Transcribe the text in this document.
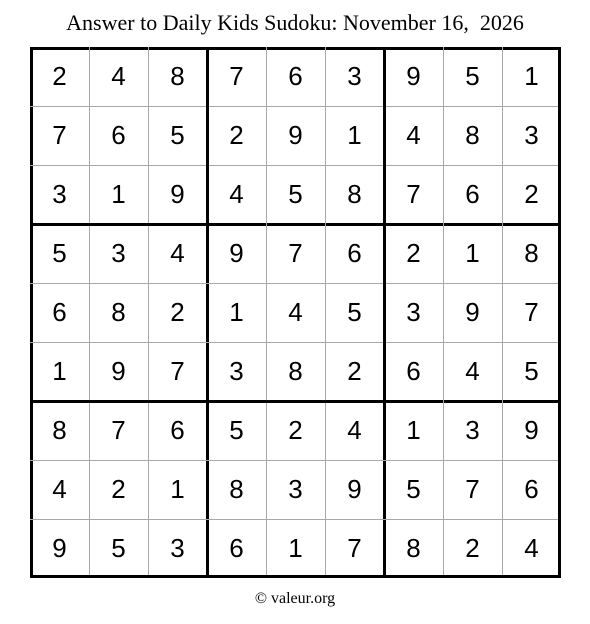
Answer to Daily Kids Sudoku: November 16,  2026
2	4	8	7	6	3	9	5	1
7	6	5	2	9	1	4	8	3
3	1	9	4	5	8	7	6	2
5	3	4	9	7	6	2	1	8
6	8	2	1	4	5	3	9	7
1	9	7	3	8	2	6	4	5
8	7	6	5	2	4	1	3	9
4	2	1	8	3	9	5	7	6
9	5	3	6	1	7	8	2	4
© valeur.org
